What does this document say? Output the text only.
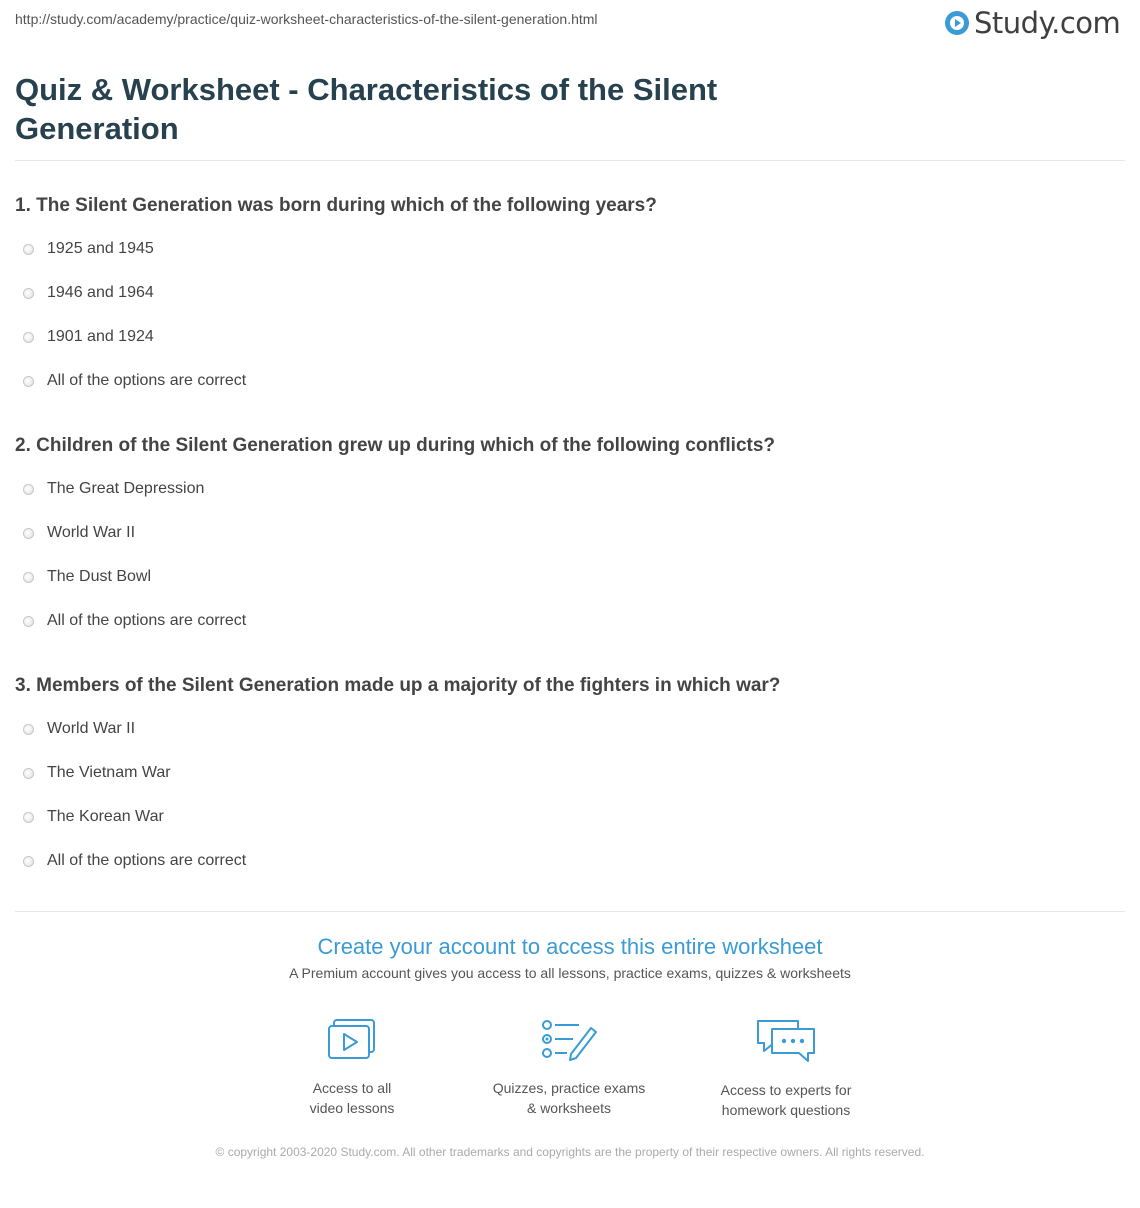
http://study.com/academy/practice/quiz-worksheet-characteristics-of-the-silent-generation.html	Study.com
Quiz & Worksheet - Characteristics of the Silent Generation
1. The Silent Generation was born during which of the following years?
1925 and 1945
1946 and 1964
1901 and 1924
All of the options are correct
2. Children of the Silent Generation grew up during which of the following conflicts?
The Great Depression
World War II
The Dust Bowl
All of the options are correct
3. Members of the Silent Generation made up a majority of the fighters in which war?
World War II
The Vietnam War
The Korean War
All of the options are correct
Create your account to access this entire worksheet
A Premium account gives you access to all lessons, practice exams, quizzes & worksheets
Access to all
video lessons
Quizzes, practice exams
& worksheets
Access to experts for
homework questions
© copyright 2003-2020 Study.com. All other trademarks and copyrights are the property of their respective owners. All rights reserved.
